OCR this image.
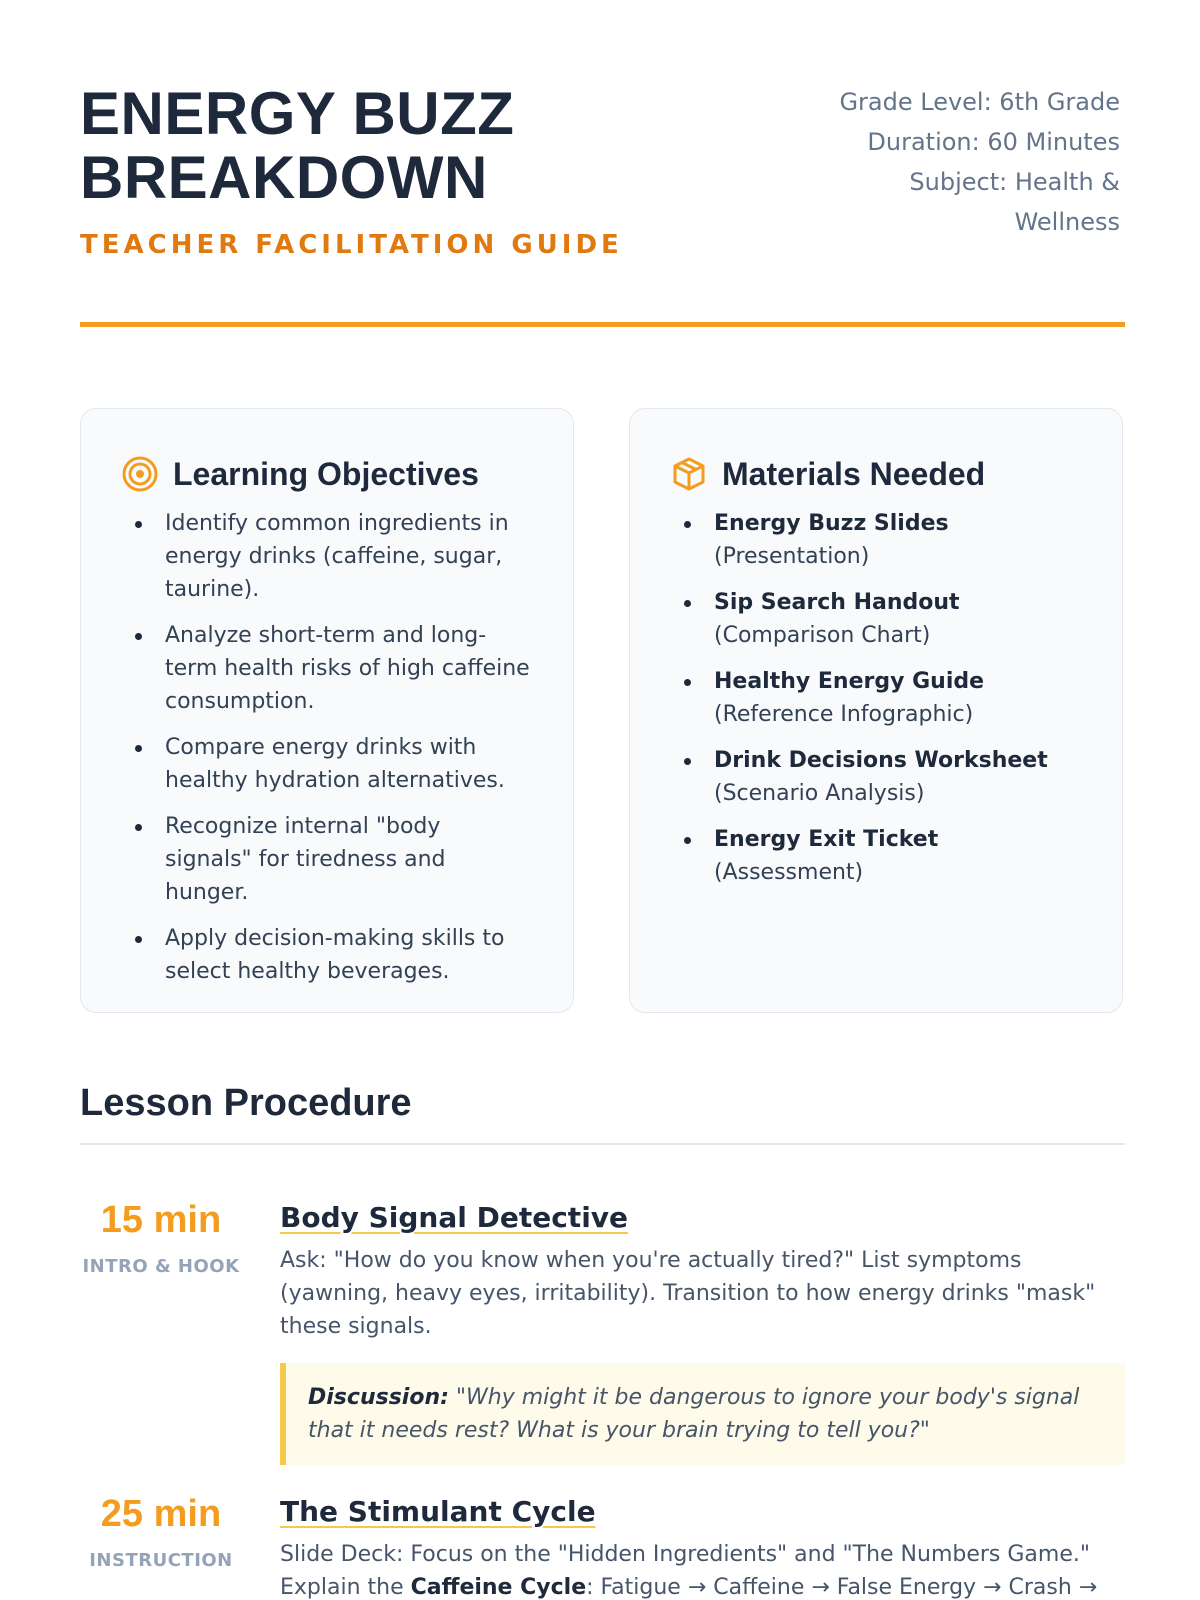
ENERGY BUZZ BREAKDOWN
TEACHER FACILITATION GUIDE
Grade Level: 6th Grade
Duration: 60 Minutes
Subject: Health & Wellness
Learning Objectives
Identify common ingredients in energy drinks (caffeine, sugar, taurine).
Analyze short-term and long-term health risks of high caffeine consumption.
Compare energy drinks with healthy hydration alternatives.
Recognize internal "body signals" for tiredness and hunger.
Apply decision-making skills to select healthy beverages.
Materials Needed
Energy Buzz Slides (Presentation)
Sip Search Handout (Comparison Chart)
Healthy Energy Guide (Reference Infographic)
Drink Decisions Worksheet (Scenario Analysis)
Energy Exit Ticket (Assessment)
Lesson Procedure
15 min
INTRO & HOOK
Body Signal Detective
Ask: "How do you know when you're actually tired?" List symptoms (yawning, heavy eyes, irritability). Transition to how energy drinks "mask" these signals.
Discussion: "Why might it be dangerous to ignore your body's signal that it needs rest? What is your brain trying to tell you?"
25 min
INSTRUCTION
The Stimulant Cycle
Slide Deck: Focus on the "Hidden Ingredients" and "The Numbers Game." Explain the Caffeine Cycle: Fatigue → Caffeine → False Energy → Crash →
